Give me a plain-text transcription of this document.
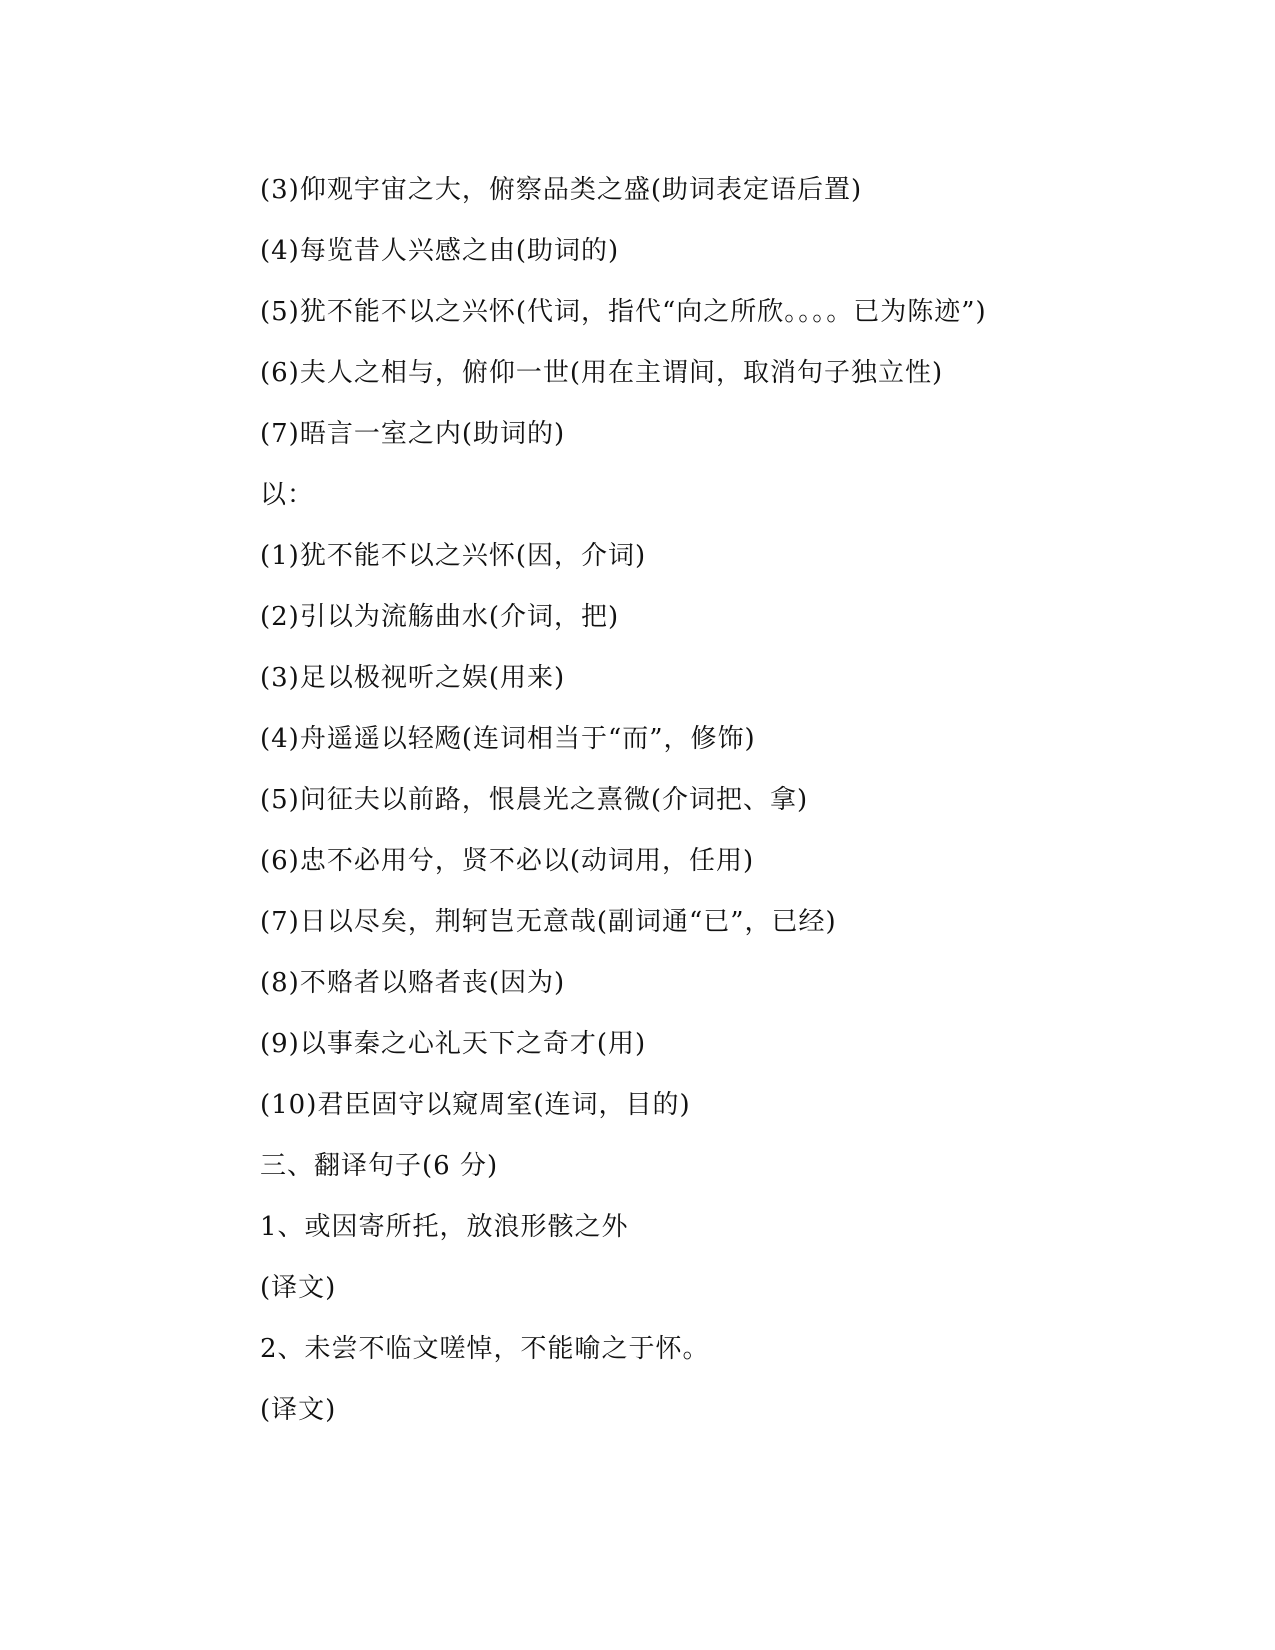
(3)仰观宇宙之大，俯察品类之盛(助词表定语后置)
(4)每览昔人兴感之由(助词的)
(5)犹不能不以之兴怀(代词，指代“向之所欣。。。。已为陈迹”)
(6)夫人之相与，俯仰一世(用在主谓间，取消句子独立性)
(7)晤言一室之内(助词的)
以：
(1)犹不能不以之兴怀(因，介词)
(2)引以为流觞曲水(介词，把)
(3)足以极视听之娱(用来)
(4)舟遥遥以轻飏(连词相当于“而”，修饰)
(5)问征夫以前路，恨晨光之熹微(介词把、拿)
(6)忠不必用兮，贤不必以(动词用，任用)
(7)日以尽矣，荆轲岂无意哉(副词通“已”，已经)
(8)不赂者以赂者丧(因为)
(9)以事秦之心礼天下之奇才(用)
(10)君臣固守以窥周室(连词，目的)
三、翻译句子(6 分)
1、或因寄所托，放浪形骸之外
(译文)
2、未尝不临文嗟悼，不能喻之于怀。
(译文)
